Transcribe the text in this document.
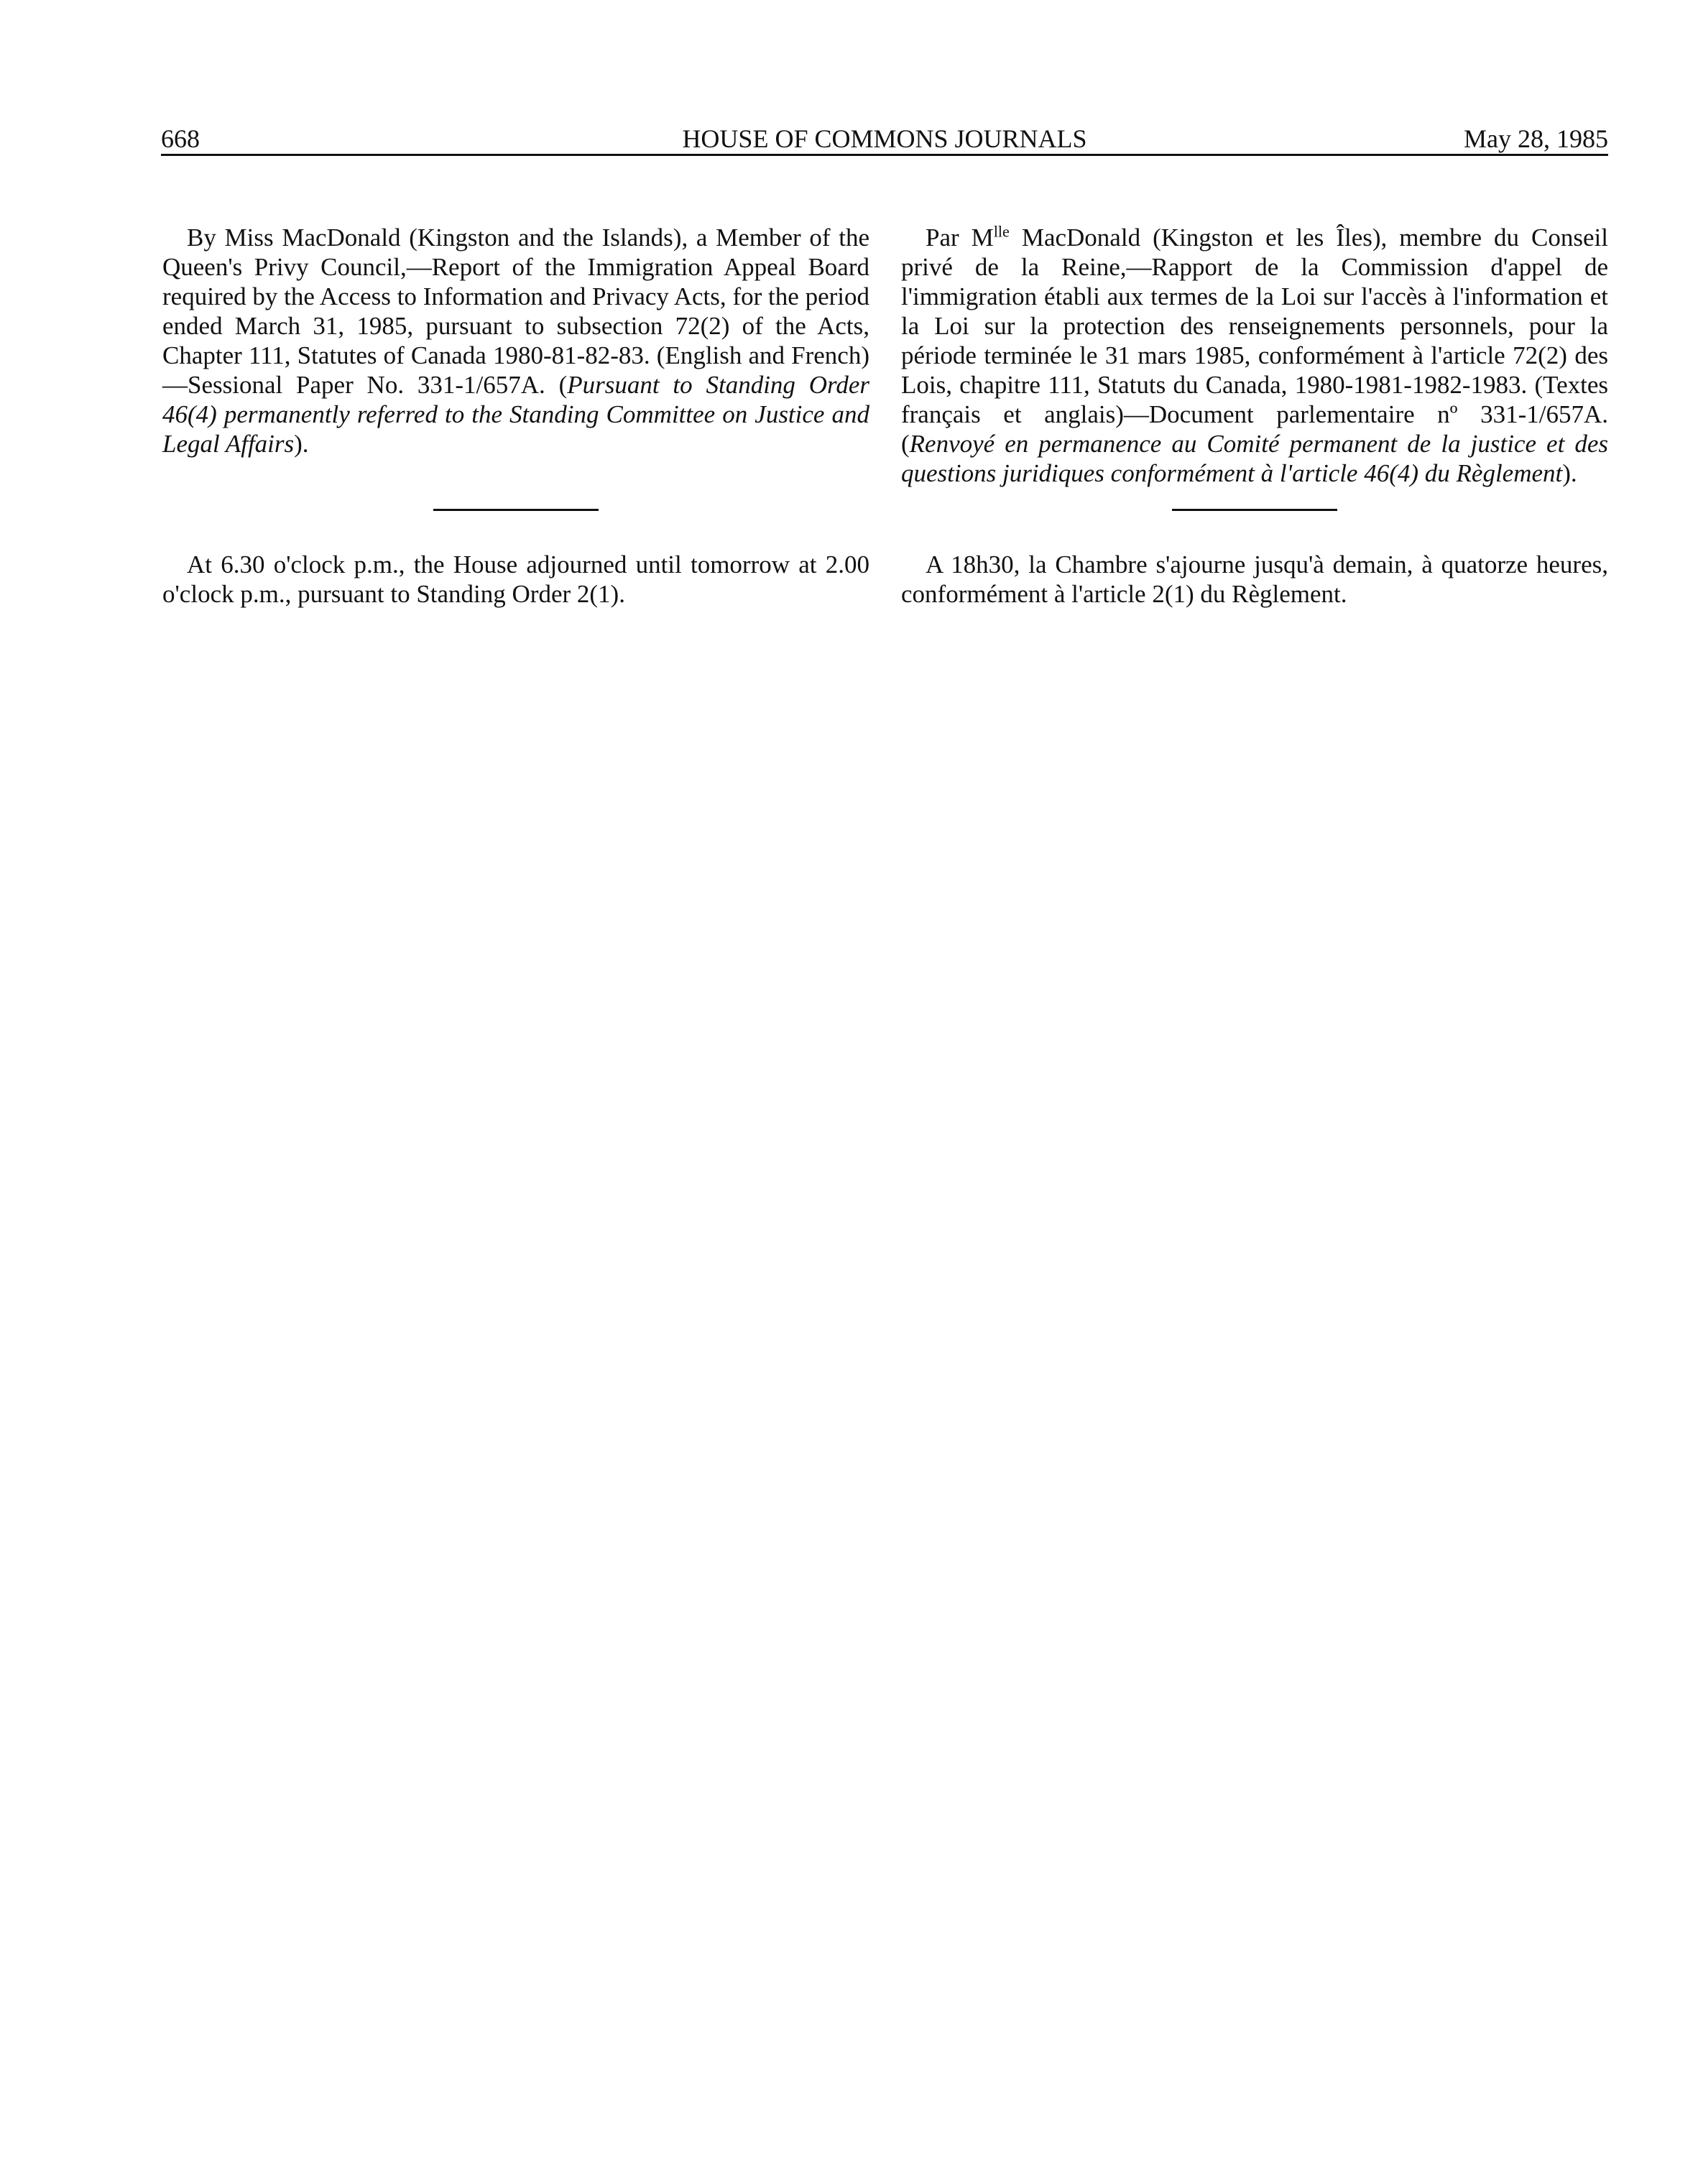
668	HOUSE OF COMMONS JOURNALS	May 28, 1985

By Miss MacDonald (Kingston and the Islands), a Member of the Queen's Privy Council,—Report of the Immigration Appeal Board required by the Access to Information and Privacy Acts, for the period ended March 31, 1985, pursuant to subsection 72(2) of the Acts, Chapter 111, Statutes of Canada 1980-81-82-83. (English and French)—Sessional Paper No. 331-1/657A. (Pursuant to Standing Order 46(4) permanently referred to the Standing Committee on Justice and Legal Affairs).

At 6.30 o'clock p.m., the House adjourned until tomorrow at 2.00 o'clock p.m., pursuant to Standing Order 2(1).

Par $M^{lle}$ MacDonald (Kingston et les Îles), membre du Conseil privé de la Reine,—Rapport de la Commission d'appel de l'immigration établi aux termes de la Loi sur l'accès à l'information et la Loi sur la protection des renseignements personnels, pour la période terminée le 31 mars 1985, conformément à l'article 72(2) des Lois, chapitre 111, Statuts du Canada, 1980-1981-1982-1983. (Textes français et anglais)—Document parlementaire nº 331-1/657A. (Renvoyé en permanence au Comité permanent de la justice et des questions juridiques conformément à l'article 46(4) du Règlement).

A 18h30, la Chambre s'ajourne jusqu'à demain, à quatorze heures, conformément à l'article 2(1) du Règlement.
